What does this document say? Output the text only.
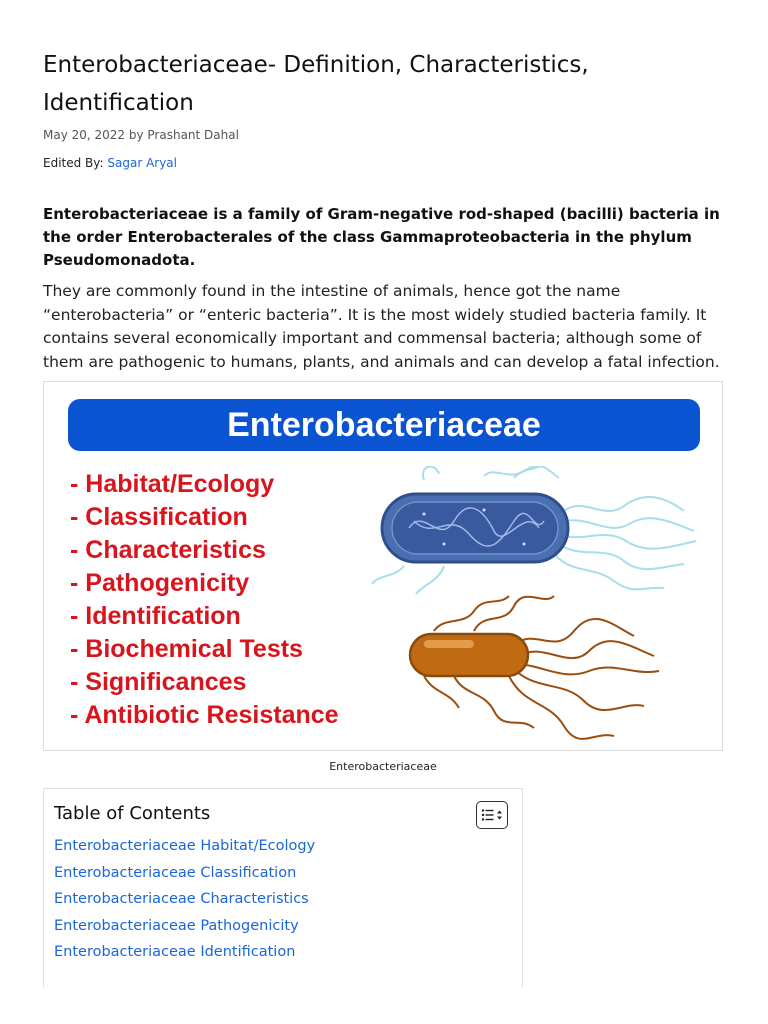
Enterobacteriaceae- Definition, Characteristics, Identification
May 20, 2022 by Prashant Dahal
Edited By: Sagar Aryal

Enterobacteriaceae is a family of Gram-negative rod-shaped (bacilli) bacteria in the order Enterobacterales of the class Gammaproteobacteria in the phylum Pseudomonadota.

They are commonly found in the intestine of animals, hence got the name “enterobacteria” or “enteric bacteria”. It is the most widely studied bacteria family. It contains several economically important and commensal bacteria; although some of them are pathogenic to humans, plants, and animals and can develop a fatal infection.

Enterobacteriaceae
- Habitat/Ecology
- Classification
- Characteristics
- Pathogenicity
- Identification
- Biochemical Tests
- Significances
- Antibiotic Resistance
Enterobacteriaceae
Table of Contents
Enterobacteriaceae Habitat/Ecology
Enterobacteriaceae Classification
Enterobacteriaceae Characteristics
Enterobacteriaceae Pathogenicity
Enterobacteriaceae Identification
